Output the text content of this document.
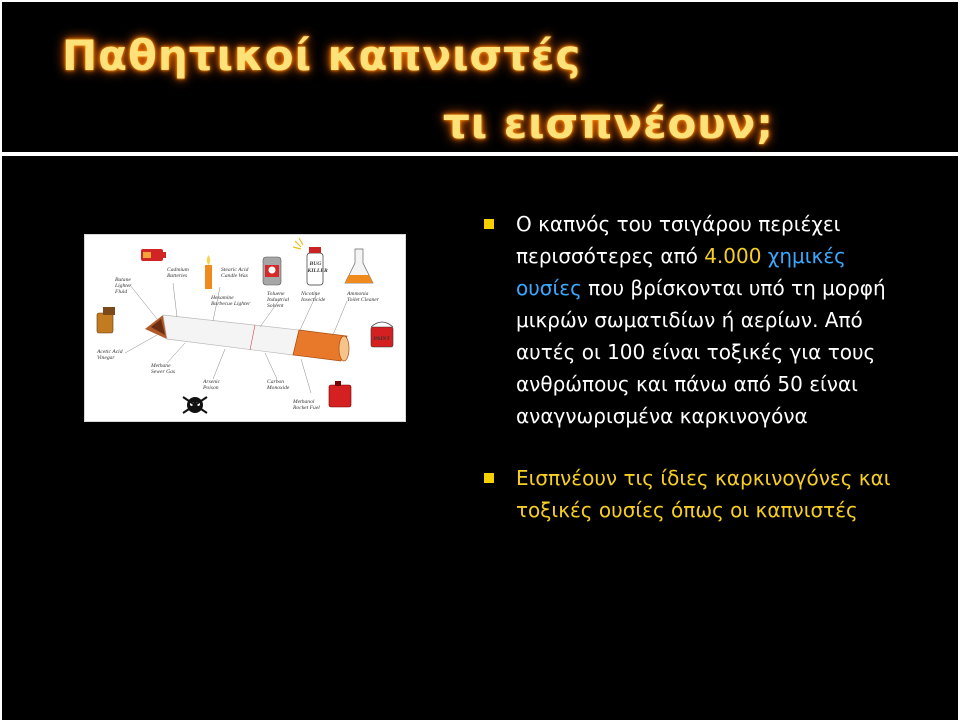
Παθητικοί καπνιστές
τι εισπνέουν;
BUG
KILLER
PAINT
Butane
Lighter
Fluid
Cadmium
Batteries
Stearic Acid
Candle Wax
Hexamine
Barbecue Lighter
Toluene
Industrial
Solvent
Nicotine
Insecticide
Ammonia
Toilet Cleaner
Acetic Acid
Vinegar
Methane
Sewer Gas
Arsenic
Poison
Carbon
Monoxide
Methanol
Rocket Fuel
Ο καπνός του τσιγάρου περιέχει περισσότερες από 4.000 χημικές ουσίες που βρίσκονται υπό τη μορφή μικρών σωματιδίων ή αερίων. Από αυτές οι 100 είναι τοξικές για τους ανθρώπους και πάνω από 50 είναι αναγνωρισμένα καρκινογόνα
Εισπνέουν τις ίδιες καρκινογόνες και τοξικές ουσίες όπως οι καπνιστές
